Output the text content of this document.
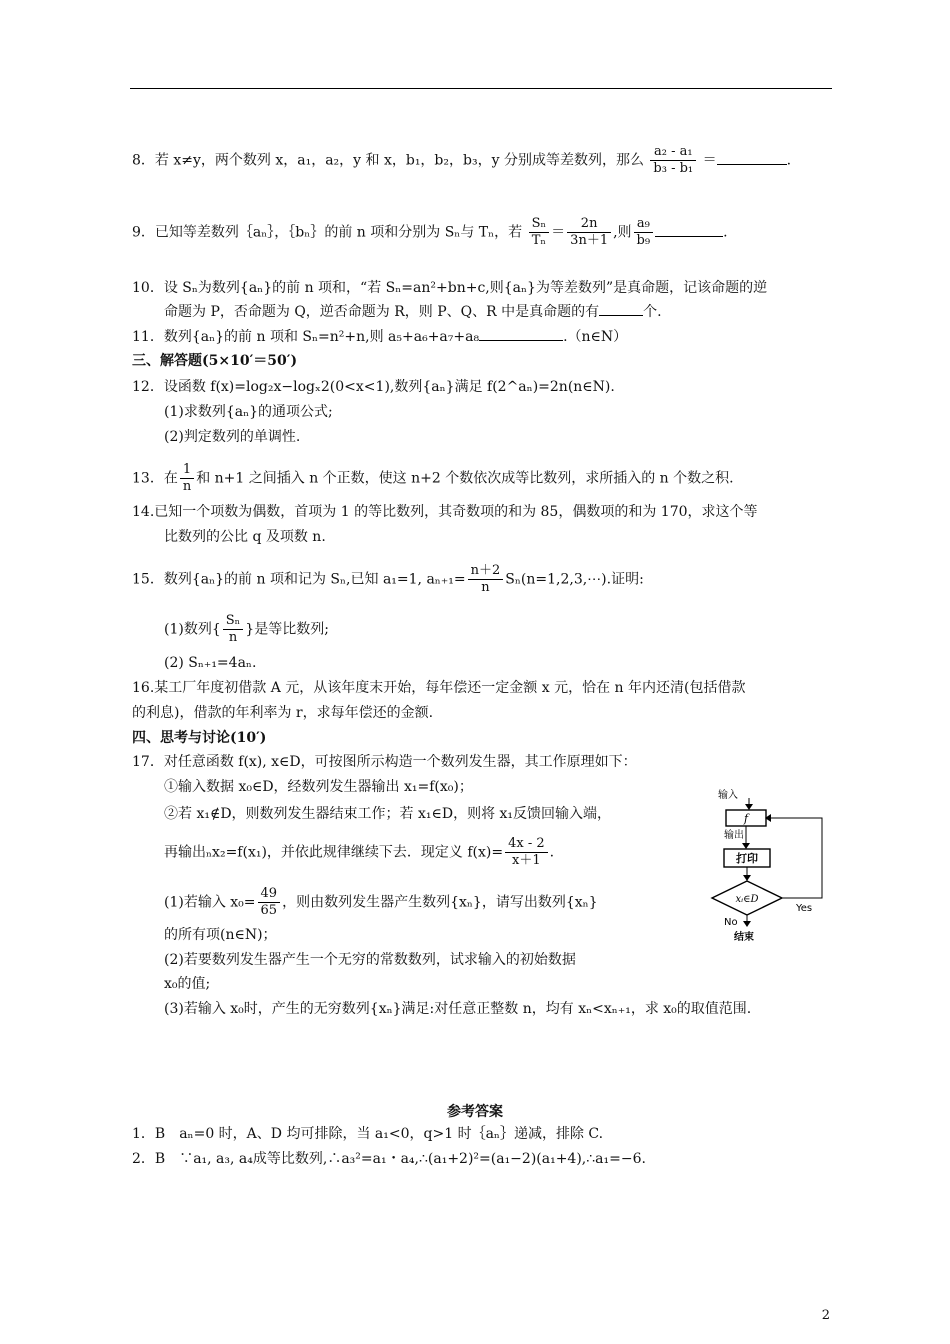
8．若 x≠y，两个数列 x，a₁，a₂，y 和 x，b₁，b₂，b₃，y 分别成等差数列，那么 $\frac{\text{a₂ - a₁}}{\text{b₃ - b₁}}$ ＝	.
9．已知等差数列｛aₙ｝，｛bₙ｝的前 n 项和分别为 Sₙ与 Tₙ，若 $\frac{\text{Sₙ}}{\text{Tₙ}} = \frac{2n}{3n+1}$ ,则 $\frac{\text{a₉}}{\text{b₉}}$	.
10．设 Sₙ为数列{aₙ}的前 n 项和，“若 Sₙ=an²+bn+c,则{aₙ}为等差数列”是真命题，记该命题的逆
命题为 P，否命题为 Q，逆否命题为 R，则 P、Q、R 中是真命题的有	个.
11．数列{aₙ}的前 n 项和 Sₙ=n²+n,则 a₅+a₆+a₇+a₈	.（n∈N）
三、解答题(5×10′＝50′)
12．设函数 f(x)=log₂x−logₓ2(0<x<1),数列{aₙ}满足 f(2^aₙ)=2n(n∈N).
(1)求数列{aₙ}的通项公式;
(2)判定数列的单调性.
13．在 $\frac{1}{n}$ 和 n+1 之间插入 n 个正数，使这 n+2 个数依次成等比数列，求所插入的 n 个数之积.
14.已知一个项数为偶数，首项为 1 的等比数列，其奇数项的和为 85，偶数项的和为 170，求这个等
比数列的公比 q 及项数 n.
15．数列{aₙ}的前 n 项和记为 Sₙ,已知 a₁=1, $a_{n+1}= \frac{n+2}{n}$ Sₙ(n=1,2,3,⋯).证明:
(1)数列{ $\frac{\text{Sₙ}}{n}$ }是等比数列;
(2) Sₙ₊₁=4aₙ.
16.某工厂年度初借款 A 元，从该年度末开始，每年偿还一定金额 x 元，恰在 n 年内还清(包括借款
的利息)，借款的年利率为 r，求每年偿还的金额.
四、思考与讨论(10′)
17．对任意函数 f(x), x∈D，可按图所示构造一个数列发生器，其工作原理如下：
①输入数据 x₀∈D，经数列发生器输出 x₁=f(x₀)；
②若 x₁∉D，则数列发生器结束工作；若 x₁∈D，则将 x₁反馈回输入端，
再输出ₙx₂=f(x₁)，并依此规律继续下去．现定义 $f(x)= \frac{4x - 2}{x+1}$ .
(1)若输入 $x_0= \frac{49}{65}$ ，则由数列发生器产生数列{xₙ}，请写出数列{xₙ}
的所有项(n∈N)；
(2)若要数列发生器产生一个无穷的常数数列，试求输入的初始数据
x₀的值;
(3)若输入 x₀时，产生的无穷数列{xₙ}满足:对任意正整数 n，均有 xₙ<xₙ₊₁，求 x₀的取值范围.
输入
f
输出
打印
xᵢ∈D
Yes
No
结束
参考答案
1．B　aₙ=0 时，A、D 均可排除，当 a₁<0，q>1 时｛aₙ｝递减，排除 C.
2．B　∵a₁, a₃, a₄成等比数列,∴a₃²=a₁・a₄,∴(a₁+2)²=(a₁−2)(a₁+4),∴a₁=−6.
2
